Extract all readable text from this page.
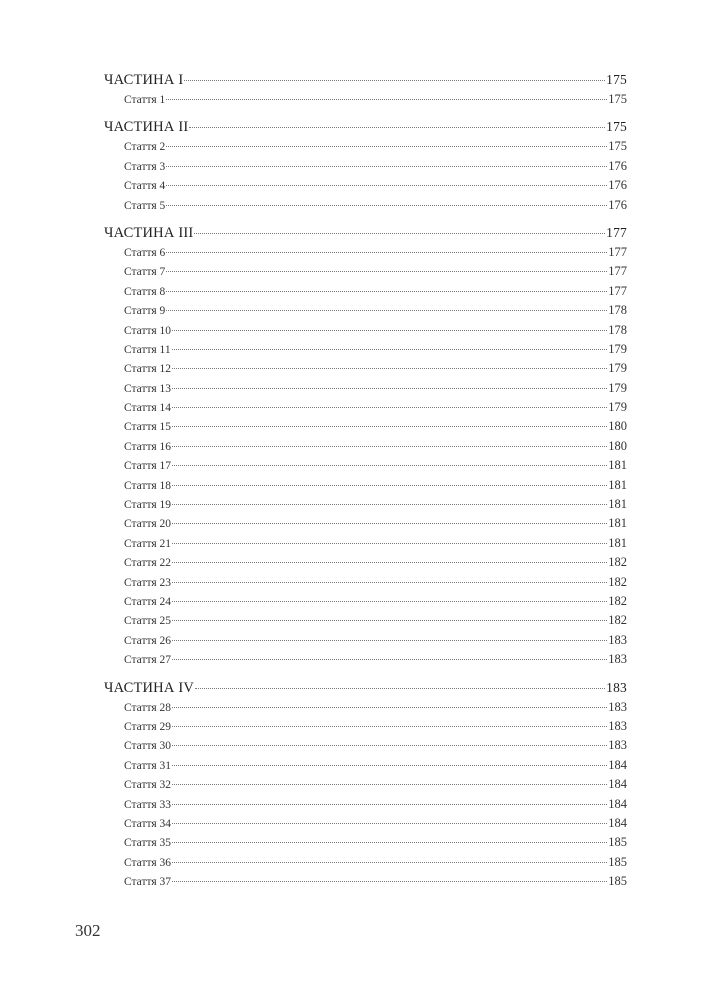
ЧАСТИНА I	175
Стаття 1	175
ЧАСТИНА II	175
Стаття 2	175
Стаття 3	176
Стаття 4	176
Стаття 5	176
ЧАСТИНА III	177
Стаття 6	177
Стаття 7	177
Стаття 8	177
Стаття 9	178
Стаття 10	178
Стаття 11	179
Стаття 12	179
Стаття 13	179
Стаття 14	179
Стаття 15	180
Стаття 16	180
Стаття 17	181
Стаття 18	181
Стаття 19	181
Стаття 20	181
Стаття 21	181
Стаття 22	182
Стаття 23	182
Стаття 24	182
Стаття 25	182
Стаття 26	183
Стаття 27	183
ЧАСТИНА IV	183
Стаття 28	183
Стаття 29	183
Стаття 30	183
Стаття 31	184
Стаття 32	184
Стаття 33	184
Стаття 34	184
Стаття 35	185
Стаття 36	185
Стаття 37	185
302
